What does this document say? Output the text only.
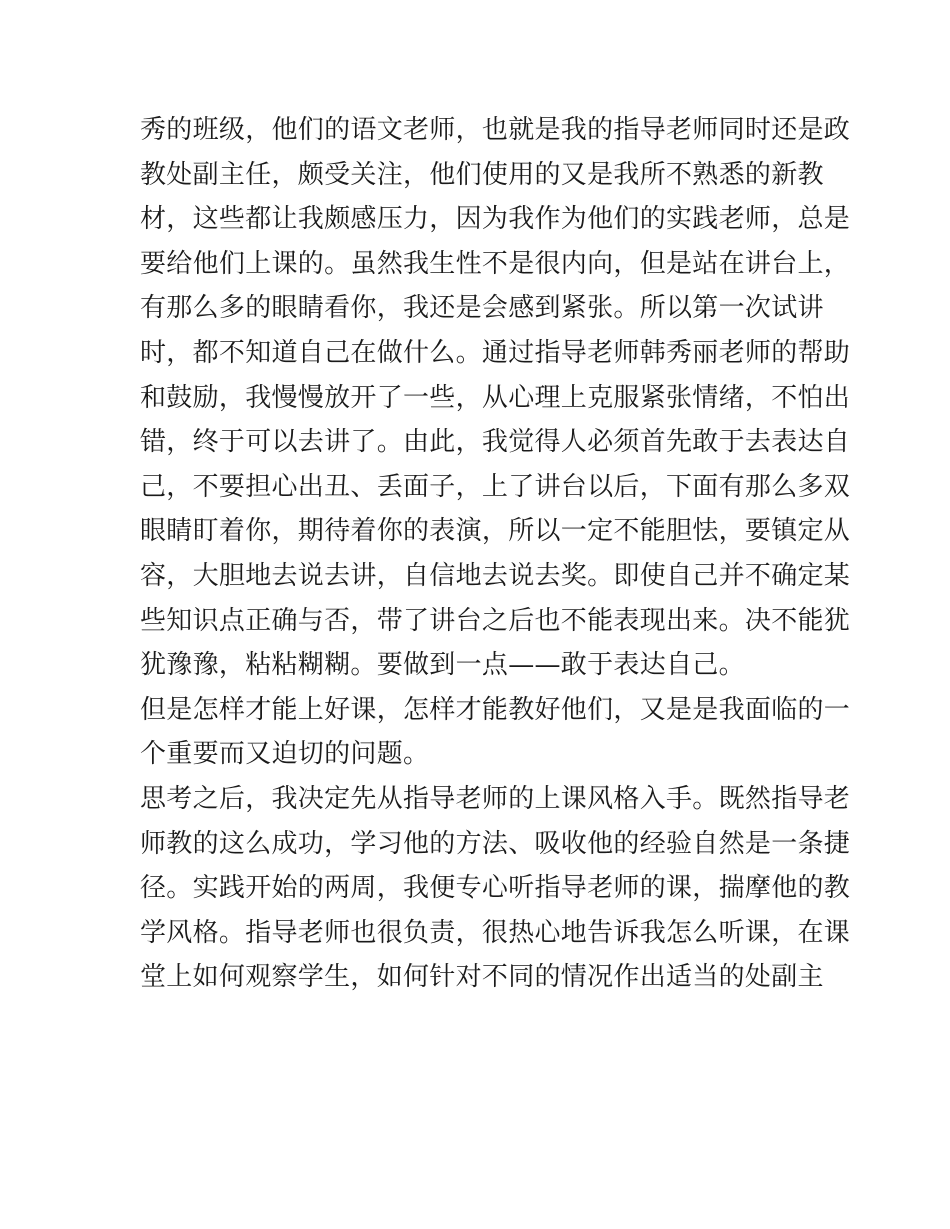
秀的班级，他们的语文老师，也就是我的指导老师同时还是政
教处副主任，颇受关注，他们使用的又是我所不熟悉的新教
材，这些都让我颇感压力，因为我作为他们的实践老师，总是
要给他们上课的。虽然我生性不是很内向，但是站在讲台上，
有那么多的眼睛看你，我还是会感到紧张。所以第一次试讲
时，都不知道自己在做什么。通过指导老师韩秀丽老师的帮助
和鼓励，我慢慢放开了一些，从心理上克服紧张情绪，不怕出
错，终于可以去讲了。由此，我觉得人必须首先敢于去表达自
己，不要担心出丑、丢面子，上了讲台以后，下面有那么多双
眼睛盯着你，期待着你的表演，所以一定不能胆怯，要镇定从
容，大胆地去说去讲，自信地去说去奖。即使自己并不确定某
些知识点正确与否，带了讲台之后也不能表现出来。决不能犹
犹豫豫，粘粘糊糊。要做到一点——敢于表达自己。
但是怎样才能上好课，怎样才能教好他们，又是是我面临的一
个重要而又迫切的问题。
思考之后，我决定先从指导老师的上课风格入手。既然指导老
师教的这么成功，学习他的方法、吸收他的经验自然是一条捷
径。实践开始的两周，我便专心听指导老师的课，揣摩他的教
学风格。指导老师也很负责，很热心地告诉我怎么听课，在课
堂上如何观察学生，如何针对不同的情况作出适当的处副主
